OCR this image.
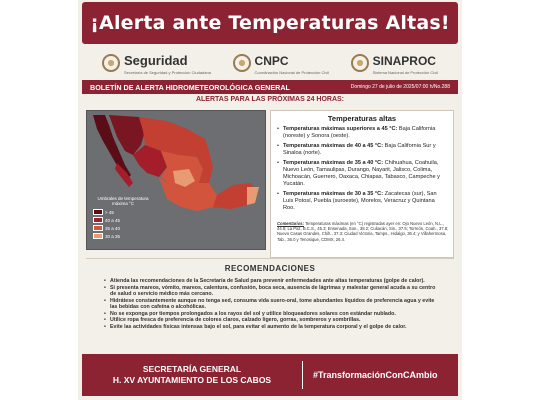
¡Alerta ante Temperaturas Altas!
Seguridad
Secretaría de Seguridad y Protección Ciudadana
CNPC
Coordinación Nacional de Protección Civil
SINAPROC
Sistema Nacional de Protección Civil
BOLETÍN DE ALERTA HIDROMETEOROLÓGICA GENERAL	Domingo 27 de julio de 2025/07:00 h/No.288
ALERTAS PARA LAS PRÓXIMAS 24 HORAS:
Umbrales de temperatura máxima °C
> 45
40 a 45
35 a 40
30 a 35
Temperaturas altas
• Temperaturas máximas superiores a 45 °C: Baja California (noreste) y Sonora (oeste).
• Temperaturas máximas de 40 a 45 °C: Baja California Sur y Sinaloa (norte).
• Temperaturas máximas de 35 a 40 °C: Chihuahua, Coahuila, Nuevo León, Tamaulipas, Durango, Nayarit, Jalisco, Colima, Michoacán, Guerrero, Oaxaca, Chiapas, Tabasco, Campeche y Yucatán.
• Temperaturas máximas de 30 a 35 °C: Zacatecas (sur), San Luis Potosí, Puebla (suroeste), Morelos, Veracruz y Quintana Roo.
Comentarios: Temperaturas máximas (en °C) registradas ayer en: Ojo Nuevo León, N.L., 44.8; La Paz, B.C.S., 45.3; Ensenada, Son., 38.2; Culiacán, Sin., 37.5; Torreón, Coah., 37.8; Nuevo Casas Grandes, Chih., 37.3; Ciudad Victoria, Tamps., Hidalgo, 36.4; y Villahermosa, Tab., 36.0 y Tenosique, CDMX, 26.4.
RECOMENDACIONES
• Atienda las recomendaciones de la Secretaría de Salud para prevenir enfermedades ante altas temperaturas (golpe de calor).
• Si presenta mareos, vómito, mareos, calentura, confusión, boca seca, ausencia de lágrimas y malestar general acuda a su centro de salud o servicio médico más cercano.
• Hidrátese constantemente aunque no tenga sed, consuma vida suero-oral, tome abundantes líquidos de preferencia agua y evite las bebidas con cafeína o alcohólicas.
• No se exponga por tiempos prolongados a los rayos del sol y utilice bloqueadores solares con estándar nublado.
• Utilice ropa fresca de preferencia de colores claros, calzado ligero, gorras, sombreros y sombrillas.
• Evite las actividades físicas intensas bajo el sol, para evitar el aumento de la temperatura corporal y el golpe de calor.
SECRETARÍA GENERAL
H. XV AYUNTAMIENTO DE LOS CABOS	#TransformaciónConCAmbio
